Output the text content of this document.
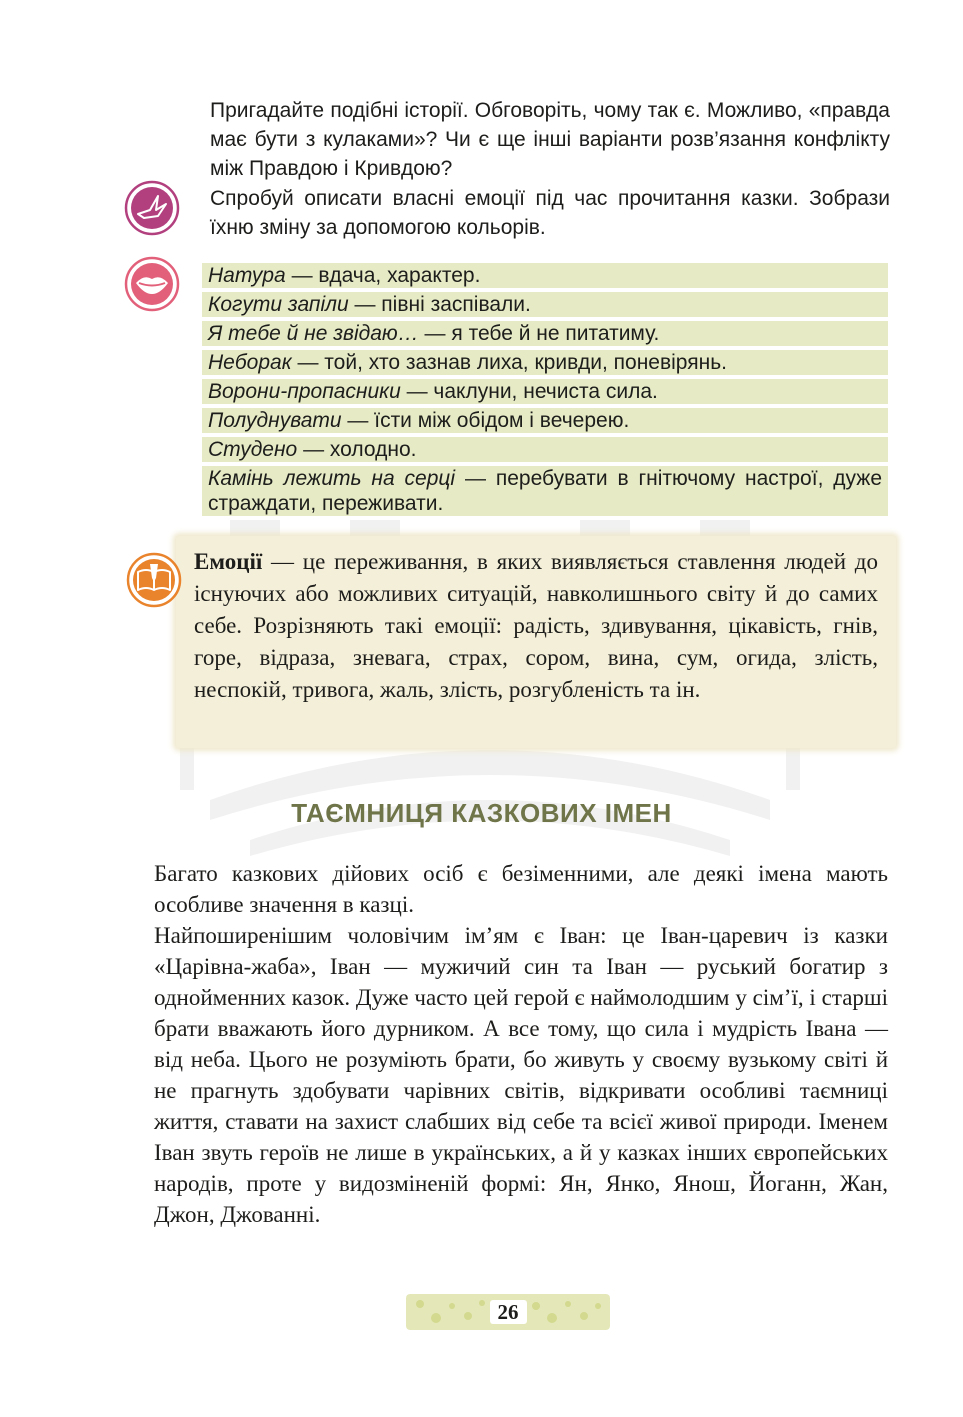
Пригадайте подібні історії. Обговоріть, чому так є. Можливо, «правда має бути з кулаками»? Чи є ще інші варіанти розв’язання конфлікту між Правдою і Кривдою?
Спробуй описати власні емоції під час прочитання казки. Зобрази їхню зміну за допомогою кольорів.
Натура — вдача, характер.
Когути запіли — півні заспівали.
Я тебе й не звідаю… — я тебе й не питатиму.
Неборак — той, хто зазнав лиха, кривди, поневірянь.
Ворони-пропасники — чаклуни, нечиста сила.
Полуднувати — їсти між обідом і вечерею.
Студено — холодно.
Камінь лежить на серці — перебувати в гнітючому настрої, дуже страждати, переживати.
Емоції — це переживання, в яких виявляється ставлення людей до існуючих або можливих ситуацій, навколишнього світу й до самих себе. Розрізняють такі емоції: радість, здивування, цікавість, гнів, горе, відраза, зневага, страх, сором, вина, сум, огида, злість, неспокій, тривога, жаль, злість, розгубленість та ін.
ТАЄМНИЦЯ КАЗКОВИХ ІМЕН

Багато казкових дійових осіб є безіменними, але деякі імена мають особливе значення в казці.

Найпоширенішим чоловічим ім’ям є Іван: це Іван-царевич із казки «Царівна-жаба», Іван — мужичий син та Іван — руський богатир з однойменних казок. Дуже часто цей герой є наймолодшим у сім’ї, і старші брати вважають його дурником. А все тому, що сила і мудрість Івана — від неба. Цього не розуміють брати, бо живуть у своєму вузькому світі й не прагнуть здобувати чарівних світів, відкривати особливі таємниці життя, ставати на захист слабших від себе та всієї живої природи. Іменем Іван звуть героїв не лише в українських, а й у казках інших європейських народів, проте у видозміненій формі: Ян, Янко, Янош, Йоганн, Жан, Джон, Джованні.

26
